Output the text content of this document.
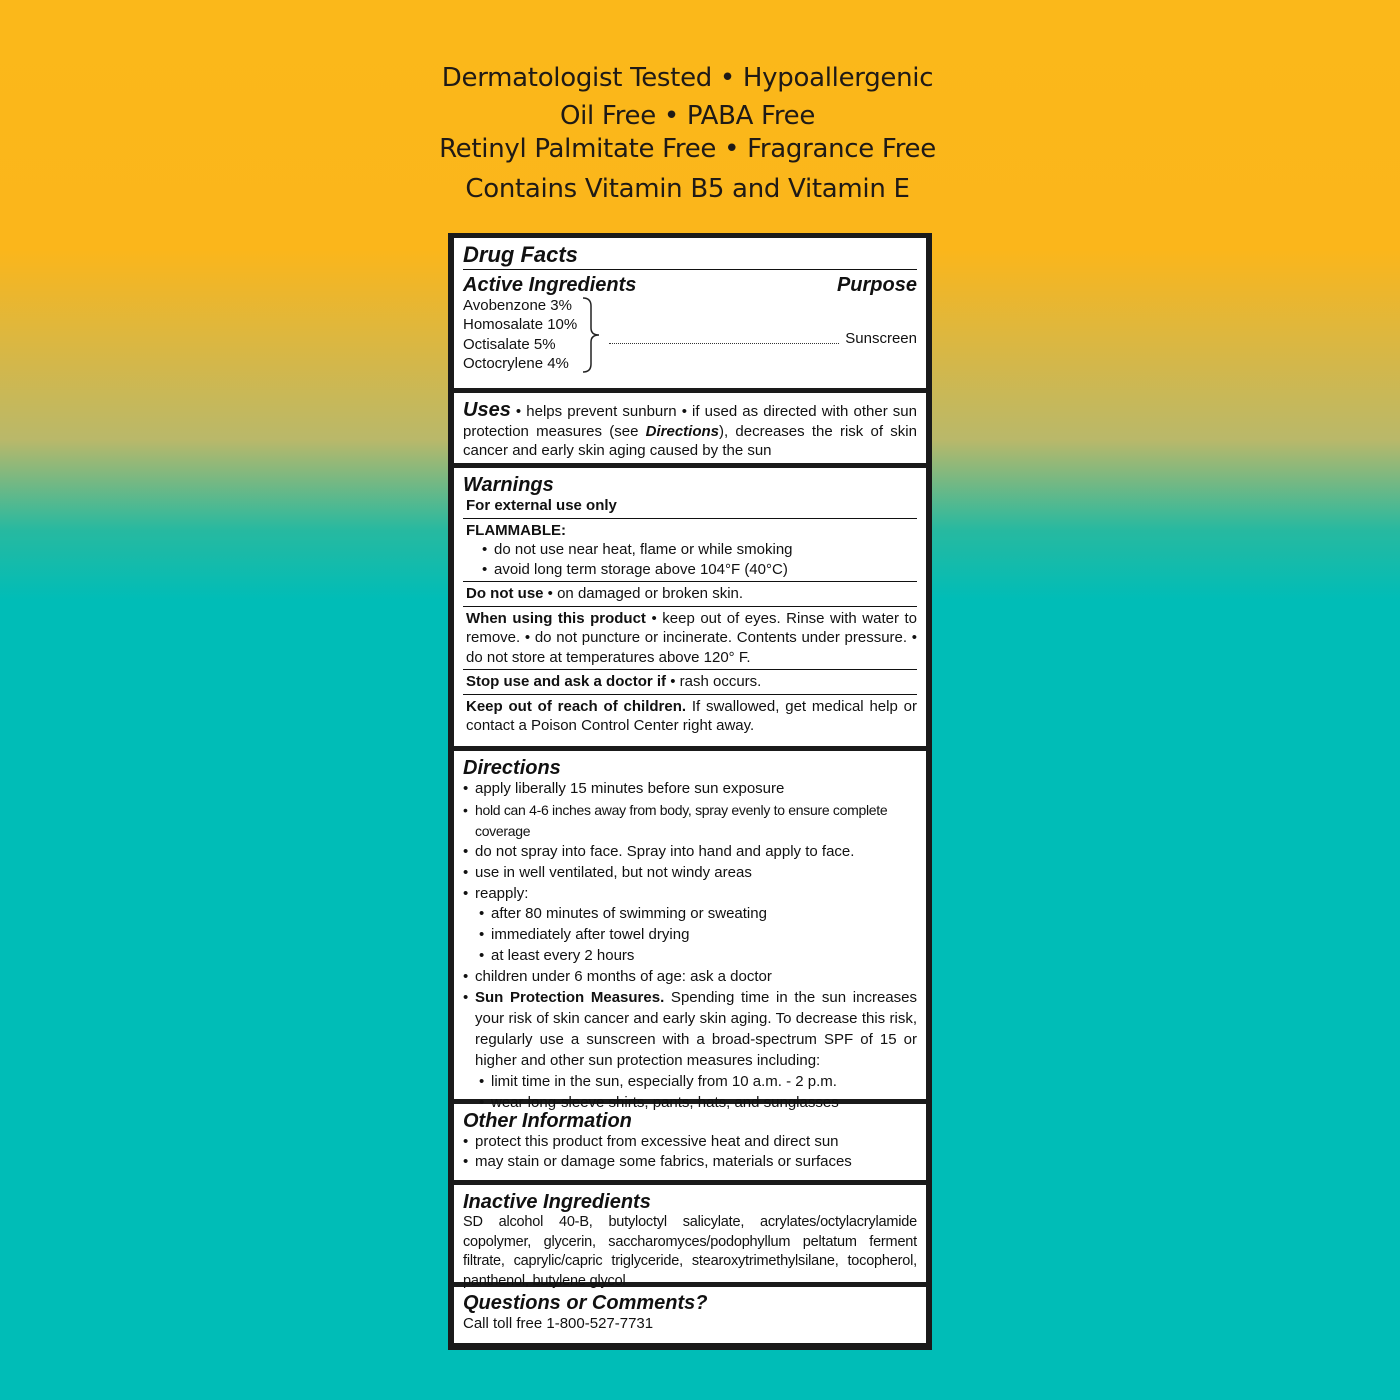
Dermatologist Tested • Hypoallergenic
Oil Free • PABA Free
Retinyl Palmitate Free • Fragrance Free
Contains Vitamin B5 and Vitamin E
Drug Facts
Active Ingredients	Purpose
Avobenzone 3%
Homosalate 10%
Octisalate 5%
Octocrylene 4%
Sunscreen
Uses • helps prevent sunburn • if used as directed with other sun protection measures (see Directions), decreases the risk of skin cancer and early skin aging caused by the sun
Warnings
For external use only
FLAMMABLE:
• do not use near heat, flame or while smoking
• avoid long term storage above 104°F (40°C)
Do not use • on damaged or broken skin.
When using this product • keep out of eyes. Rinse with water to remove. • do not puncture or incinerate. Contents under pressure. • do not store at temperatures above 120° F.
Stop use and ask a doctor if • rash occurs.
Keep out of reach of children. If swallowed, get medical help or contact a Poison Control Center right away.
Directions
• apply liberally 15 minutes before sun exposure
• hold can 4-6 inches away from body, spray evenly to ensure complete coverage
• do not spray into face. Spray into hand and apply to face.
• use in well ventilated, but not windy areas
• reapply:
• after 80 minutes of swimming or sweating
• immediately after towel drying
• at least every 2 hours
• children under 6 months of age: ask a doctor
• Sun Protection Measures. Spending time in the sun increases your risk of skin cancer and early skin aging. To decrease this risk, regularly use a sunscreen with a broad-spectrum SPF of 15 or higher and other sun protection measures including:
• limit time in the sun, especially from 10 a.m. - 2 p.m.
• wear long-sleeve shirts, pants, hats, and sunglasses
Other Information
• protect this product from excessive heat and direct sun
• may stain or damage some fabrics, materials or surfaces
Inactive Ingredients
SD alcohol 40-B, butyloctyl salicylate, acrylates/octylacrylamide copolymer, glycerin, saccharomyces/podophyllum peltatum ferment filtrate, caprylic/capric triglyceride, stearoxytrimethylsilane, tocopherol, panthenol, butylene glycol
Questions or Comments?
Call toll free 1-800-527-7731
